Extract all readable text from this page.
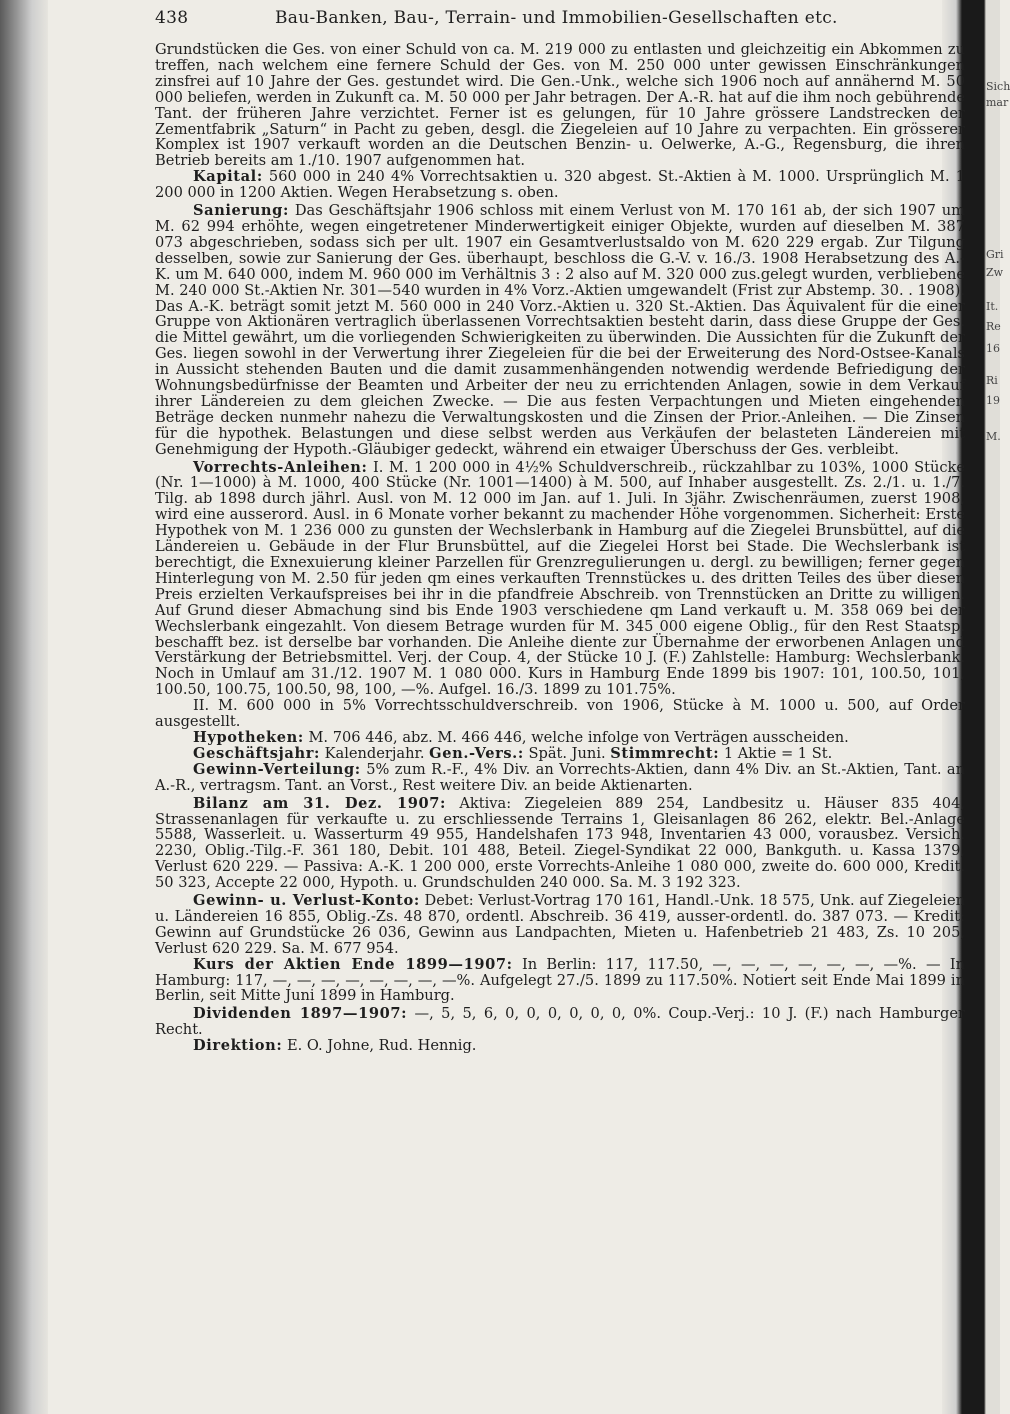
Sich
mar
Gri
Zw
It.
Re
16
Ri
19
M.
438	Bau-Banken, Bau-, Terrain- und Immobilien-Gesellschaften etc.

Grundstücken die Ges. von einer Schuld von ca. M. 219 000 zu entlasten und gleichzeitig ein Abkommen zu treffen, nach welchem eine fernere Schuld der Ges. von M. 250 000 unter gewissen Einschränkungen zinsfrei auf 10 Jahre der Ges. gestundet wird. Die Gen.-Unk., welche sich 1906 noch auf annähernd M. 50 000 beliefen, werden in Zukunft ca. M. 50 000 per Jahr betragen. Der A.-R. hat auf die ihm noch gebührende Tant. der früheren Jahre verzichtet. Ferner ist es gelungen, für 10 Jahre grössere Landstrecken der Zementfabrik „Saturn“ in Pacht zu geben, desgl. die Ziegeleien auf 10 Jahre zu verpachten. Ein grösserer Komplex ist 1907 verkauft worden an die Deutschen Benzin- u. Oelwerke, A.-G., Regensburg, die ihren Betrieb bereits am 1./10. 1907 aufgenommen hat.

Kapital: 560 000 in 240 4% Vorrechtsaktien u. 320 abgest. St.-Aktien à M. 1000. Ursprünglich M. 1 200 000 in 1200 Aktien. Wegen Herabsetzung s. oben.

Sanierung: Das Geschäftsjahr 1906 schloss mit einem Verlust von M. 170 161 ab, der sich 1907 um M. 62 994 erhöhte, wegen eingetretener Minderwertigkeit einiger Objekte, wurden auf dieselben M. 387 073 abgeschrieben, sodass sich per ult. 1907 ein Gesamtverlustsaldo von M. 620 229 ergab. Zur Tilgung desselben, sowie zur Sanierung der Ges. überhaupt, beschloss die G.-V. v. 16./3. 1908 Herabsetzung des A.-K. um M. 640 000, indem M. 960 000 im Verhältnis 3 : 2 also auf M. 320 000 zus.gelegt wurden, verbliebene M. 240 000 St.-Aktien Nr. 301—540 wurden in 4% Vorz.-Aktien umgewandelt (Frist zur Abstemp. 30. . 1908). Das A.-K. beträgt somit jetzt M. 560 000 in 240 Vorz.-Aktien u. 320 St.-Aktien. Das Äquivalent für die einer Gruppe von Aktionären vertraglich überlassenen Vorrechtsaktien besteht darin, dass diese Gruppe der Ges. die Mittel gewährt, um die vorliegenden Schwierigkeiten zu überwinden. Die Aussichten für die Zukunft der Ges. liegen sowohl in der Verwertung ihrer Ziegeleien für die bei der Erweiterung des Nord-Ostsee-Kanals in Aussicht stehenden Bauten und die damit zusammenhängenden notwendig werdende Befriedigung der Wohnungsbedürfnisse der Beamten und Arbeiter der neu zu errichtenden Anlagen, sowie in dem Verkauf ihrer Ländereien zu dem gleichen Zwecke. — Die aus festen Verpachtungen und Mieten eingehenden Beträge decken nunmehr nahezu die Verwaltungskosten und die Zinsen der Prior.-Anleihen. — Die Zinsen für die hypothek. Belastungen und diese selbst werden aus Verkäufen der belasteten Ländereien mit Genehmigung der Hypoth.-Gläubiger gedeckt, während ein etwaiger Überschuss der Ges. verbleibt.

Vorrechts-Anleihen: I. M. 1 200 000 in 4½% Schuldverschreib., rückzahlbar zu 103%, 1000 Stücke (Nr. 1—1000) à M. 1000, 400 Stücke (Nr. 1001—1400) à M. 500, auf Inhaber ausgestellt. Zs. 2./1. u. 1./7. Tilg. ab 1898 durch jährl. Ausl. von M. 12 000 im Jan. auf 1. Juli. In 3jähr. Zwischenräumen, zuerst 1908, wird eine ausserord. Ausl. in 6 Monate vorher bekannt zu machender Höhe vorgenommen. Sicherheit: Erste Hypothek von M. 1 236 000 zu gunsten der Wechslerbank in Hamburg auf die Ziegelei Brunsbüttel, auf die Ländereien u. Gebäude in der Flur Brunsbüttel, auf die Ziegelei Horst bei Stade. Die Wechslerbank ist berechtigt, die Exnexuierung kleiner Parzellen für Grenzregulierungen u. dergl. zu bewilligen; ferner gegen Hinterlegung von M. 2.50 für jeden qm eines verkauften Trennstückes u. des dritten Teiles des über diesen Preis erzielten Verkaufspreises bei ihr in die pfandfreie Abschreib. von Trennstücken an Dritte zu willigen. Auf Grund dieser Abmachung sind bis Ende 1903 verschiedene qm Land verkauft u. M. 358 069 bei der Wechslerbank eingezahlt. Von diesem Betrage wurden für M. 345 000 eigene Oblig., für den Rest Staatsp. beschafft bez. ist derselbe bar vorhanden. Die Anleihe diente zur Übernahme der erworbenen Anlagen und Verstärkung der Betriebsmittel. Verj. der Coup. 4, der Stücke 10 J. (F.) Zahlstelle: Hamburg: Wechslerbank. Noch in Umlauf am 31./12. 1907 M. 1 080 000. Kurs in Hamburg Ende 1899 bis 1907: 101, 100.50, 101, 100.50, 100.75, 100.50, 98, 100, —%. Aufgel. 16./3. 1899 zu 101.75%.

II. M. 600 000 in 5% Vorrechtsschuldverschreib. von 1906, Stücke à M. 1000 u. 500, auf Order ausgestellt.

Hypotheken: M. 706 446, abz. M. 466 446, welche infolge von Verträgen ausscheiden.

Geschäftsjahr: Kalenderjahr. Gen.-Vers.: Spät. Juni. Stimmrecht: 1 Aktie = 1 St.

Gewinn-Verteilung: 5% zum R.-F., 4% Div. an Vorrechts-Aktien, dann 4% Div. an St.-Aktien, Tant. an A.-R., vertragsm. Tant. an Vorst., Rest weitere Div. an beide Aktienarten.

Bilanz am 31. Dez. 1907: Aktiva: Ziegeleien 889 254, Landbesitz u. Häuser 835 404, Strassenanlagen für verkaufte u. zu erschliessende Terrains 1, Gleisanlagen 86 262, elektr. Bel.-Anlage 5588, Wasserleit. u. Wasserturm 49 955, Handelshafen 173 948, Inventarien 43 000, vorausbez. Versich. 2230, Oblig.-Tilg.-F. 361 180, Debit. 101 488, Beteil. Ziegel-Syndikat 22 000, Bankguth. u. Kassa 1379, Verlust 620 229. — Passiva: A.-K. 1 200 000, erste Vorrechts-Anleihe 1 080 000, zweite do. 600 000, Kredit. 50 323, Accepte 22 000, Hypoth. u. Grundschulden 240 000. Sa. M. 3 192 323.

Gewinn- u. Verlust-Konto: Debet: Verlust-Vortrag 170 161, Handl.-Unk. 18 575, Unk. auf Ziegeleien u. Ländereien 16 855, Oblig.-Zs. 48 870, ordentl. Abschreib. 36 419, ausser-ordentl. do. 387 073. — Kredit: Gewinn auf Grundstücke 26 036, Gewinn aus Landpachten, Mieten u. Hafenbetrieb 21 483, Zs. 10 205, Verlust 620 229. Sa. M. 677 954.

Kurs der Aktien Ende 1899—1907: In Berlin: 117, 117.50, —, —, —, —, —, —, —%. — In Hamburg: 117, —, —, —, —, —, —, —, —%. Aufgelegt 27./5. 1899 zu 117.50%. Notiert seit Ende Mai 1899 in Berlin, seit Mitte Juni 1899 in Hamburg.

Dividenden 1897—1907: —, 5, 5, 6, 0, 0, 0, 0, 0, 0, 0%. Coup.-Verj.: 10 J. (F.) nach Hamburger Recht.

Direktion: E. O. Johne, Rud. Hennig.
